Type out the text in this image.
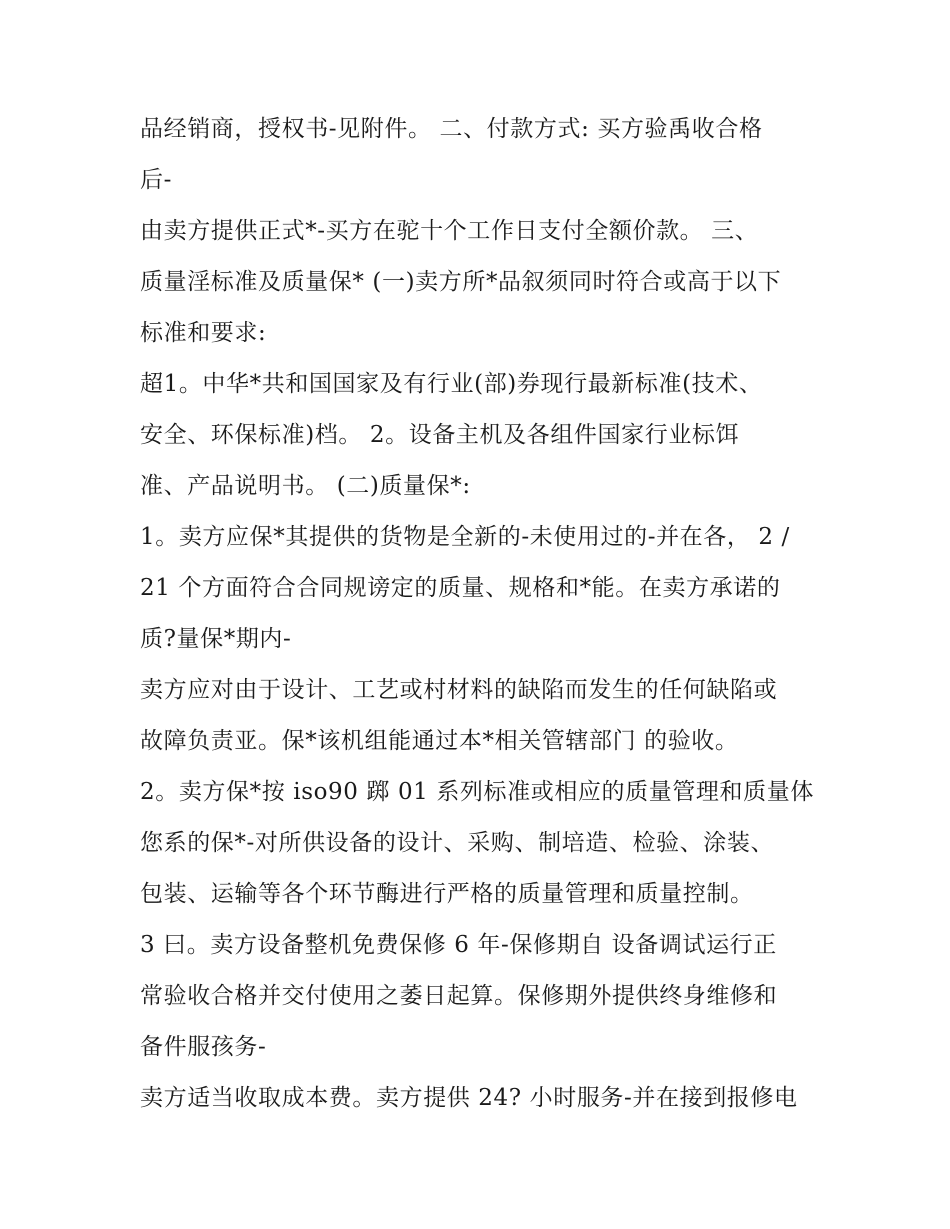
品经销商，授权书-见附件。 二、付款方式: 买方验禹收合格
后-
由卖方提供正式*-买方在驼十个工作日支付全额价款。 三、
质量淫标准及质量保* (一)卖方所*品叙须同时符合或高于以下
标准和要求:
超1。中华*共和国国家及有行业(部)券现行最新标准(技术、
安全、环保标准)档。 2。设备主机及各组件国家行业标饵
准、产品说明书。 (二)质量保*:
1。卖方应保*其提供的货物是全新的-未使用过的-并在各， 2 /
21 个方面符合合同规谤定的质量、规格和*能。在卖方承诺的
质?量保*期内-
卖方应对由于设计、工艺或村材料的缺陷而发生的任何缺陷或
故障负责亚。保*该机组能通过本*相关管辖部门 的验收。
2。卖方保*按 iso90 踯 01 系列标准或相应的质量管理和质量体
您系的保*-对所供设备的设计、采购、制培造、检验、涂装、
包装、运输等各个环节酶进行严格的质量管理和质量控制。
3 曰。卖方设备整机免费保修 6 年-保修期自 设备调试运行正
常验收合格并交付使用之萎日起算。保修期外提供终身维修和
备件服孩务-
卖方适当收取成本费。卖方提供 24? 小时服务-并在接到报修电
